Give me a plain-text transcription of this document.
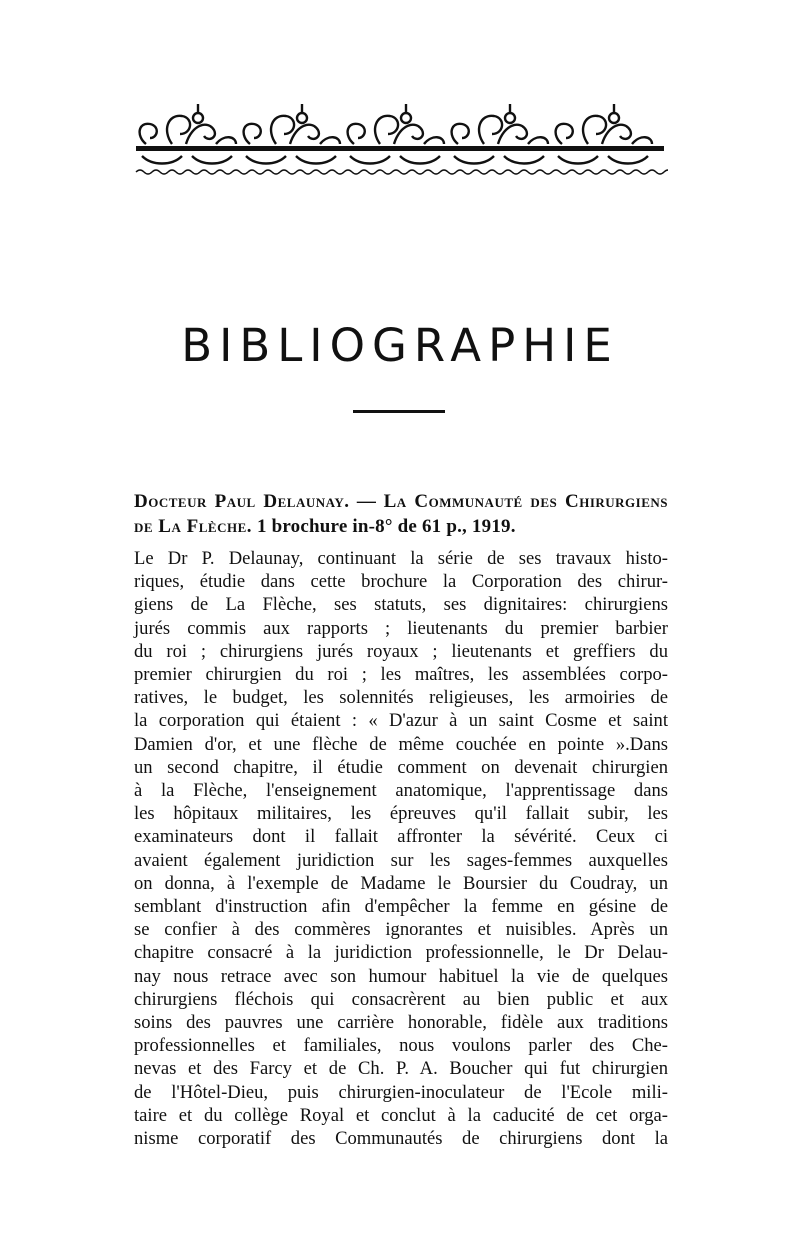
BIBLIOGRAPHIE
Docteur Paul Delaunay. — La Communauté des Chirurgiens de La Flèche. 1 brochure in-8° de 61 p., 1919.
Le Dr P. Delaunay, continuant la série de ses travaux histo-
riques, étudie dans cette brochure la Corporation des chirur-
giens de La Flèche, ses statuts, ses dignitaires: chirurgiens
jurés commis aux rapports ; lieutenants du premier barbier
du roi ; chirurgiens jurés royaux ; lieutenants et greffiers du
premier chirurgien du roi ; les maîtres, les assemblées corpo-
ratives, le budget, les solennités religieuses, les armoiries de
la corporation qui étaient : « D'azur à un saint Cosme et saint
Damien d'or, et une flèche de même couchée en pointe ».Dans
un second chapitre, il étudie comment on devenait chirurgien
à la Flèche, l'enseignement anatomique, l'apprentissage dans
les hôpitaux militaires, les épreuves qu'il fallait subir, les
examinateurs dont il fallait affronter la sévérité. Ceux ci
avaient également juridiction sur les sages-femmes auxquelles
on donna, à l'exemple de Madame le Boursier du Coudray, un
semblant d'instruction afin d'empêcher la femme en gésine de
se confier à des commères ignorantes et nuisibles. Après un
chapitre consacré à la juridiction professionnelle, le Dr Delau-
nay nous retrace avec son humour habituel la vie de quelques
chirurgiens fléchois qui consacrèrent au bien public et aux
soins des pauvres une carrière honorable, fidèle aux traditions
professionnelles et familiales, nous voulons parler des Che-
nevas et des Farcy et de Ch. P. A. Boucher qui fut chirurgien
de l'Hôtel-Dieu, puis chirurgien-inoculateur de l'Ecole mili-
taire et du collège Royal et conclut à la caducité de cet orga-
nisme corporatif des Communautés de chirurgiens dont la
